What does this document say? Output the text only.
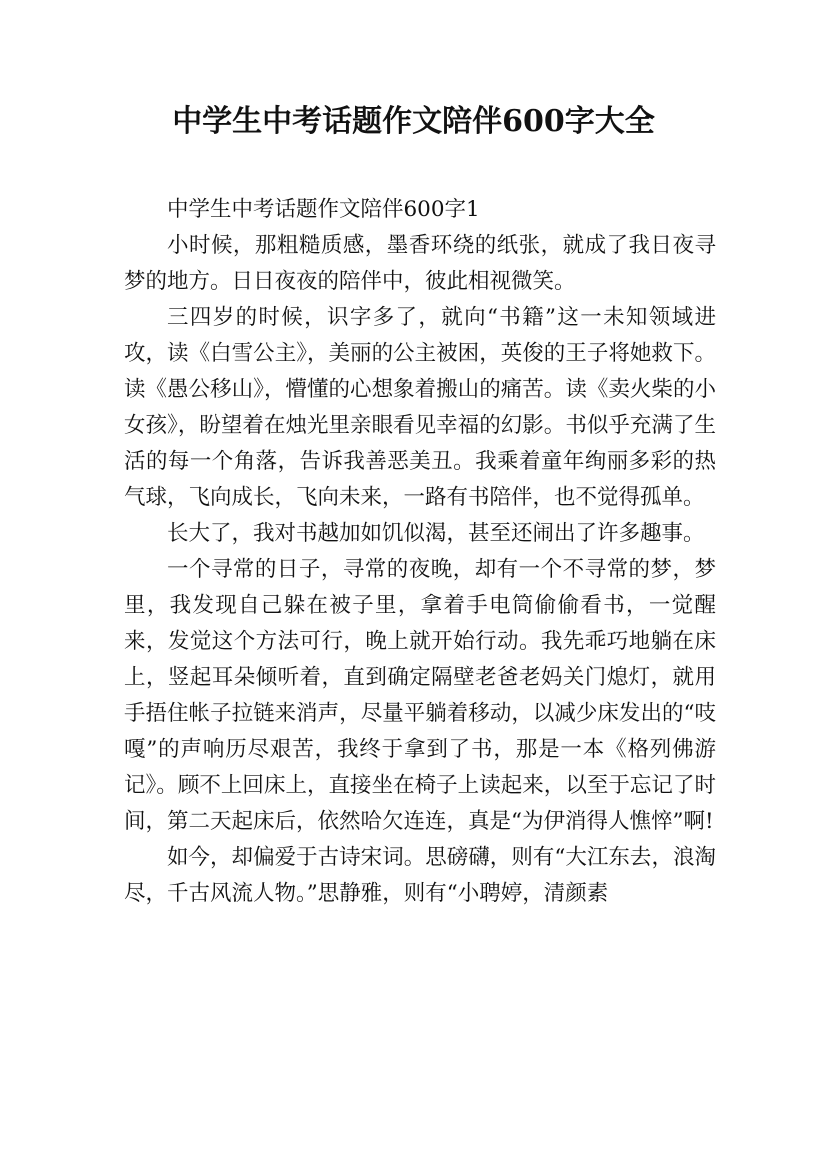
中学生中考话题作文陪伴600字大全

中学生中考话题作文陪伴600字1

小时候，那粗糙质感，墨香环绕的纸张，就成了我日夜寻梦的地方。日日夜夜的陪伴中，彼此相视微笑。

三四岁的时候，识字多了，就向“书籍”这一未知领域进攻，读《白雪公主》，美丽的公主被困，英俊的王子将她救下。读《愚公移山》，懵懂的心想象着搬山的痛苦。读《卖火柴的小女孩》，盼望着在烛光里亲眼看见幸福的幻影。书似乎充满了生活的每一个角落，告诉我善恶美丑。我乘着童年绚丽多彩的热气球，飞向成长，飞向未来，一路有书陪伴，也不觉得孤单。

长大了，我对书越加如饥似渴，甚至还闹出了许多趣事。

一个寻常的日子，寻常的夜晚，却有一个不寻常的梦，梦里，我发现自己躲在被子里，拿着手电筒偷偷看书，一觉醒来，发觉这个方法可行，晚上就开始行动。我先乖巧地躺在床上，竖起耳朵倾听着，直到确定隔壁老爸老妈关门熄灯，就用手捂住帐子拉链来消声，尽量平躺着移动，以减少床发出的“吱嘎”的声响历尽艰苦，我终于拿到了书，那是一本《格列佛游记》。顾不上回床上，直接坐在椅子上读起来，以至于忘记了时间，第二天起床后，依然哈欠连连，真是“为伊消得人憔悴”啊!

如今，却偏爱于古诗宋词。思磅礴，则有“大江东去，浪淘尽，千古风流人物。”思静雅，则有“小聘婷，清颜素
